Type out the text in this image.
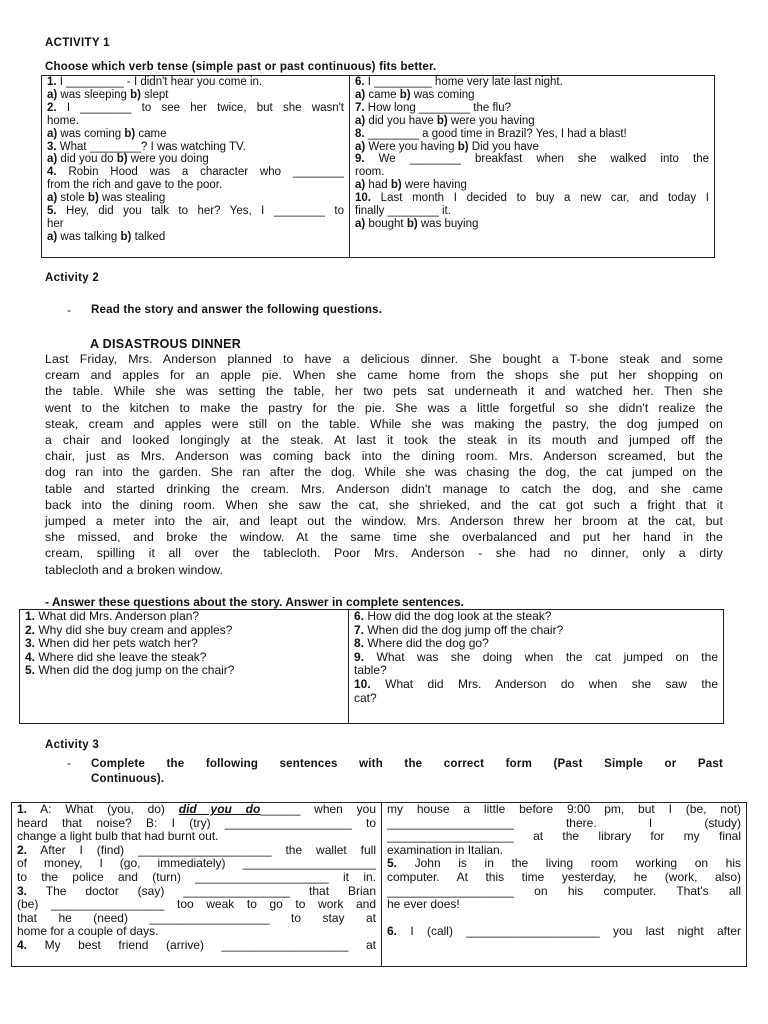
ACTIVITY 1
Choose which verb tense (simple past or past continuous) fits better.
1. I _________ - I didn't hear you come in.
a) was sleeping b) slept
2. I ________ to see her twice, but she wasn't
home.
a) was coming b) came
3. What ________? I was watching TV.
a) did you do b) were you doing
4. Robin Hood was a character who ________
from the rich and gave to the poor.
a) stole b) was stealing
5. Hey, did you talk to her? Yes, I ________ to
her
a) was talking b) talked

6. I _________ home very late last night.
a) came b) was coming
7. How long ________ the flu?
a) did you have b) were you having
8. ________ a good time in Brazil? Yes, I had a blast!
a) Were you having b) Did you have
9. We ________ breakfast when she walked into the
room.
a) had b) were having
10. Last month I decided to buy a new car, and today I
finally ________ it.
a) bought b) was buying
Activity 2
- Read the story and answer the following questions.
A DISASTROUS DINNER
Last Friday, Mrs. Anderson planned to have a delicious dinner. She bought a T-bone steak and some
cream and apples for an apple pie. When she came home from the shops she put her shopping on
the table. While she was setting the table, her two pets sat underneath it and watched her. Then she
went to the kitchen to make the pastry for the pie. She was a little forgetful so she didn't realize the
steak, cream and apples were still on the table. While she was making the pastry, the dog jumped on
a chair and looked longingly at the steak. At last it took the steak in its mouth and jumped off the
chair, just as Mrs. Anderson was coming back into the dining room. Mrs. Anderson screamed, but the
dog ran into the garden. She ran after the dog. While she was chasing the dog, the cat jumped on the
table and started drinking the cream. Mrs. Anderson didn't manage to catch the dog, and she came
back into the dining room. When she saw the cat, she shrieked, and the cat got such a fright that it
jumped a meter into the air, and leapt out the window. Mrs. Anderson threw her broom at the cat, but
she missed, and broke the window. At the same time she overbalanced and put her hand in the
cream, spilling it all over the tablecloth. Poor Mrs. Anderson - she had no dinner, only a dirty
tablecloth and a broken window.
- Answer these questions about the story. Answer in complete sentences.
1. What did Mrs. Anderson plan?
2. Why did she buy cream and apples?
3. When did her pets watch her?
4. Where did she leave the steak?
5. When did the dog jump on the chair?

6. How did the dog look at the steak?
7. When did the dog jump off the chair?
8. Where did the dog go?
9. What was she doing when the cat jumped on the
table?
10. What did Mrs. Anderson do when she saw the
cat?
Activity 3
- Complete the following sentences with the correct form (Past Simple or Past
Continuous).
1. A: What (you, do) did you do______ when you
heard that noise? B: I (try) ___________________ to
change a light bulb that had burnt out.
2. After I (find) ____________________ the wallet full
of money, I (go, immediately) ____________________
to the police and (turn) ____________________ it in.
3. The doctor (say) ________________ that Brian
(be) _________________ too weak to go to work and
that he (need) __________________ to stay at
home for a couple of days.
4. My best friend (arrive) ___________________ at

my house a little before 9:00 pm, but I (be, not)
___________________ there. I (study)
___________________ at the library for my final
examination in Italian.
5. John is in the living room working on his
computer. At this time yesterday, he (work, also)
___________________ on his computer. That's all
he ever does!

6. I (call) ____________________ you last night after
